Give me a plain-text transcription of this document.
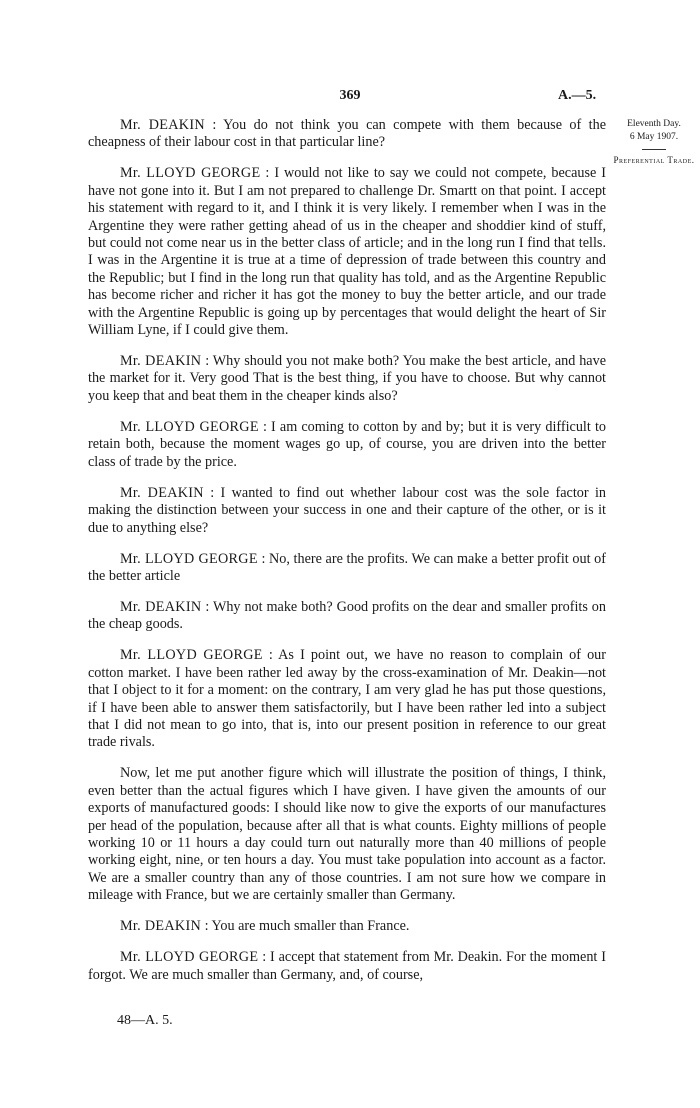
369	A.—5.
Eleventh Day.
6 May 1907.
Preferential Trade.

Mr. DEAKIN : You do not think you can compete with them because of the cheapness of their labour cost in that particular line?

Mr. LLOYD GEORGE : I would not like to say we could not compete, because I have not gone into it. But I am not prepared to challenge Dr. Smartt on that point. I accept his statement with regard to it, and I think it is very likely. I remember when I was in the Argentine they were rather getting ahead of us in the cheaper and shoddier kind of stuff, but could not come near us in the better class of article; and in the long run I find that tells. I was in the Argentine it is true at a time of depression of trade between this country and the Republic; but I find in the long run that quality has told, and as the Argentine Republic has become richer and richer it has got the money to buy the better article, and our trade with the Argentine Republic is going up by percentages that would delight the heart of Sir William Lyne, if I could give them.

Mr. DEAKIN : Why should you not make both? You make the best article, and have the market for it. Very good That is the best thing, if you have to choose. But why cannot you keep that and beat them in the cheaper kinds also?

Mr. LLOYD GEORGE : I am coming to cotton by and by; but it is very difficult to retain both, because the moment wages go up, of course, you are driven into the better class of trade by the price.

Mr. DEAKIN : I wanted to find out whether labour cost was the sole factor in making the distinction between your success in one and their capture of the other, or is it due to anything else?

Mr. LLOYD GEORGE : No, there are the profits. We can make a better profit out of the better article

Mr. DEAKIN : Why not make both? Good profits on the dear and smaller profits on the cheap goods.

Mr. LLOYD GEORGE : As I point out, we have no reason to complain of our cotton market. I have been rather led away by the cross-examination of Mr. Deakin—not that I object to it for a moment: on the contrary, I am very glad he has put those questions, if I have been able to answer them satisfactorily, but I have been rather led into a subject that I did not mean to go into, that is, into our present position in reference to our great trade rivals.

Now, let me put another figure which will illustrate the position of things, I think, even better than the actual figures which I have given. I have given the amounts of our exports of manufactured goods: I should like now to give the exports of our manufactures per head of the population, because after all that is what counts. Eighty millions of people working 10 or 11 hours a day could turn out naturally more than 40 millions of people working eight, nine, or ten hours a day. You must take population into account as a factor. We are a smaller country than any of those countries. I am not sure how we compare in mileage with France, but we are certainly smaller than Germany.

Mr. DEAKIN : You are much smaller than France.

Mr. LLOYD GEORGE : I accept that statement from Mr. Deakin. For the moment I forgot. We are much smaller than Germany, and, of course,

48—A. 5.
